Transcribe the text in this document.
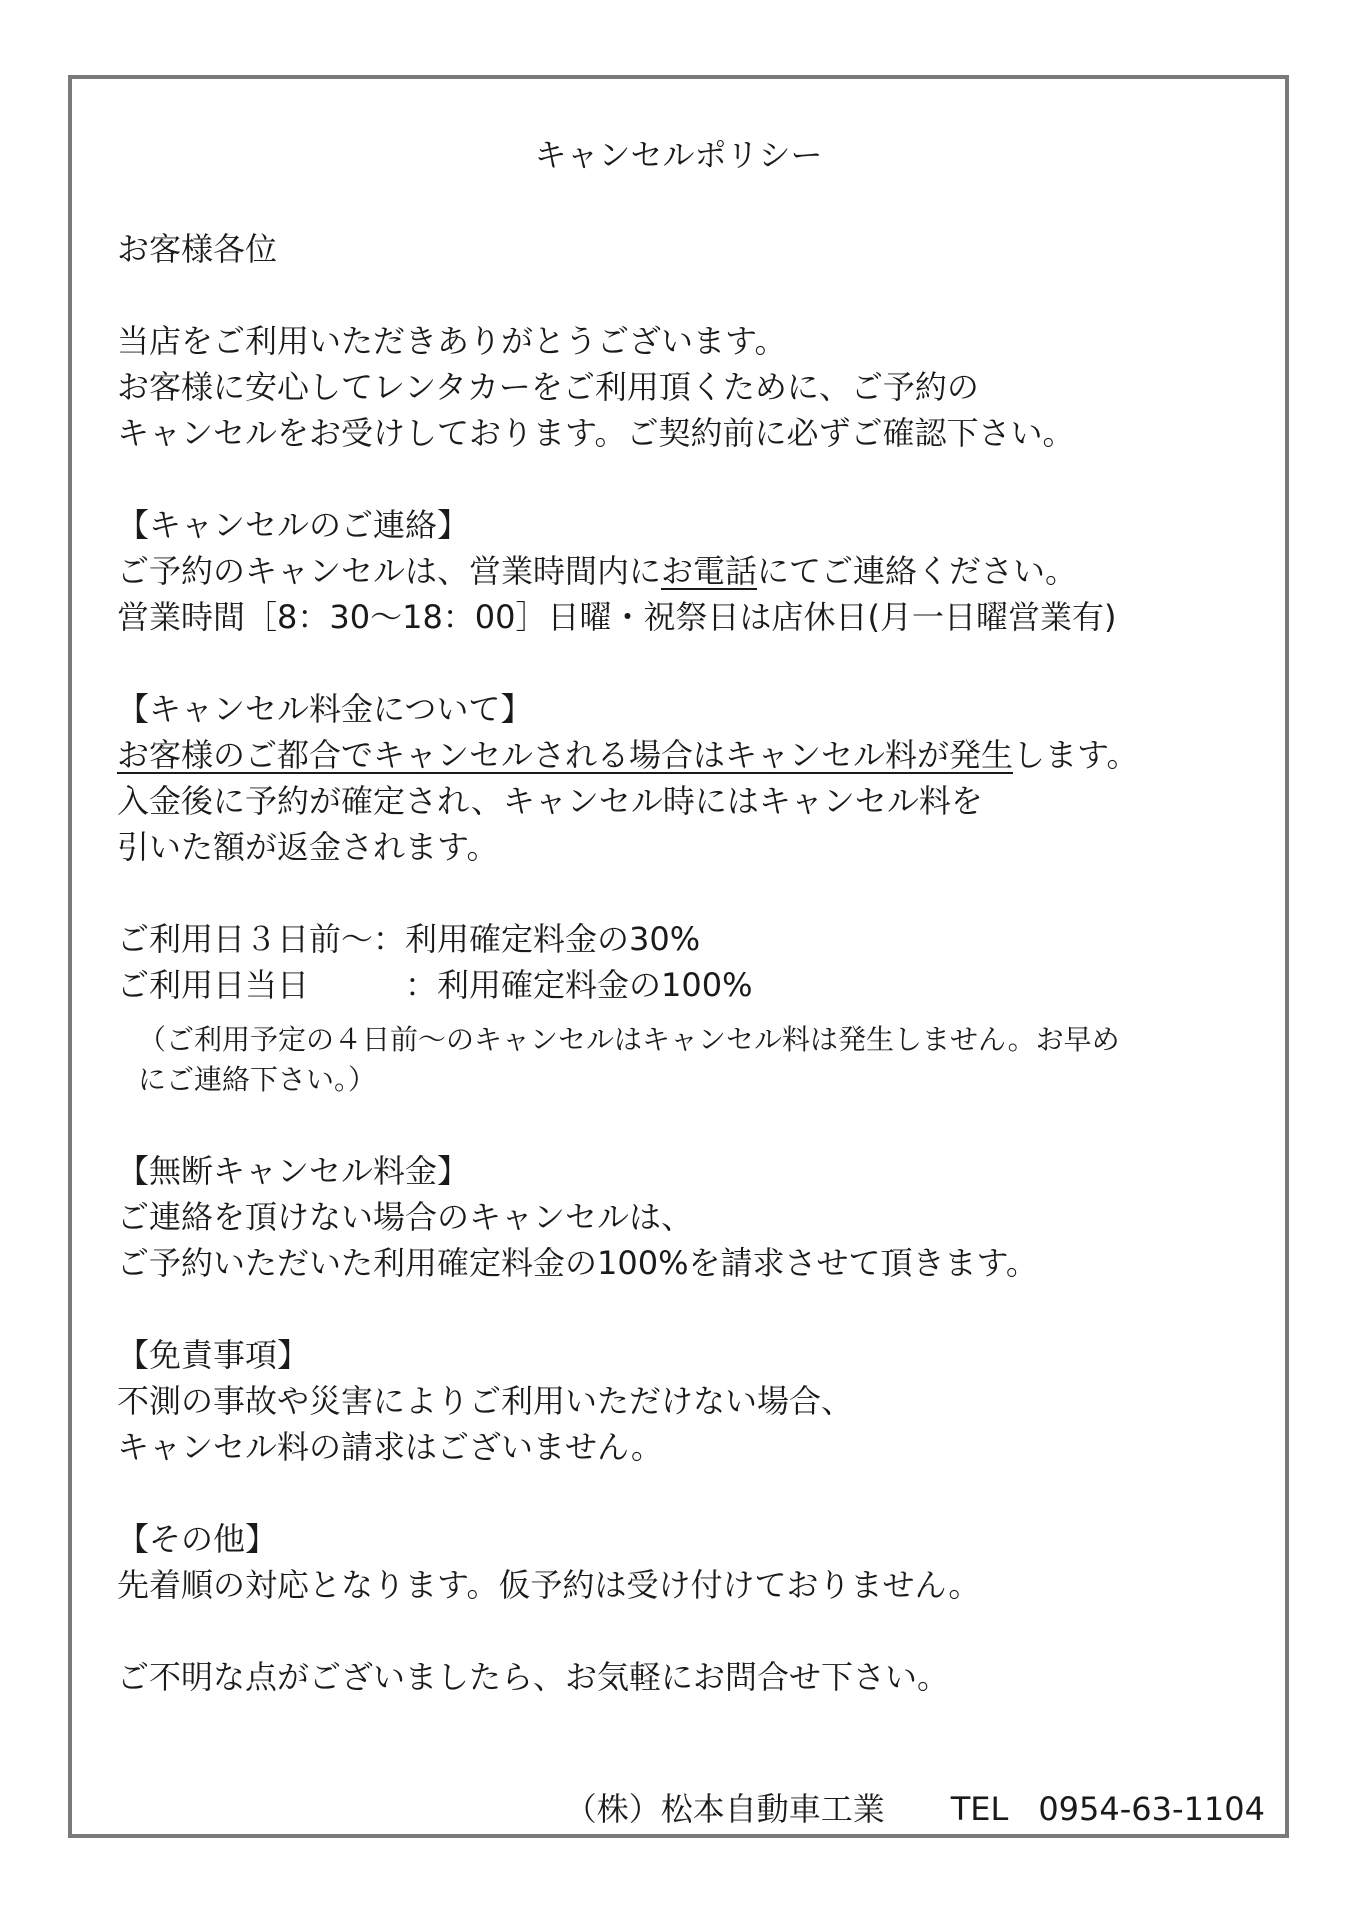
キャンセルポリシー
お客様各位
当店をご利用いただきありがとうございます。
お客様に安心してレンタカーをご利用頂くために、ご予約の
キャンセルをお受けしております。ご契約前に必ずご確認下さい。
【キャンセルのご連絡】
ご予約のキャンセルは、営業時間内にお電話にてご連絡ください。
営業時間［8：30〜18：00］日曜・祝祭日は店休日(月一日曜営業有)
【キャンセル料金について】
お客様のご都合でキャンセルされる場合はキャンセル料が発生します。
入金後に予約が確定され、キャンセル時にはキャンセル料を
引いた額が返金されます。
ご利用日３日前〜：利用確定料金の30%
ご利用日当日	：利用確定料金の100%
（ご利用予定の４日前〜のキャンセルはキャンセル料は発生しません。お早め
にご連絡下さい。）
【無断キャンセル料金】
ご連絡を頂けない場合のキャンセルは、
ご予約いただいた利用確定料金の100%を請求させて頂きます。
【免責事項】
不測の事故や災害によりご利用いただけない場合、
キャンセル料の請求はございません。
【その他】
先着順の対応となります。仮予約は受け付けておりません。
ご不明な点がございましたら、お気軽にお問合せ下さい。
（株）松本自動車工業 TEL 0954-63-1104
